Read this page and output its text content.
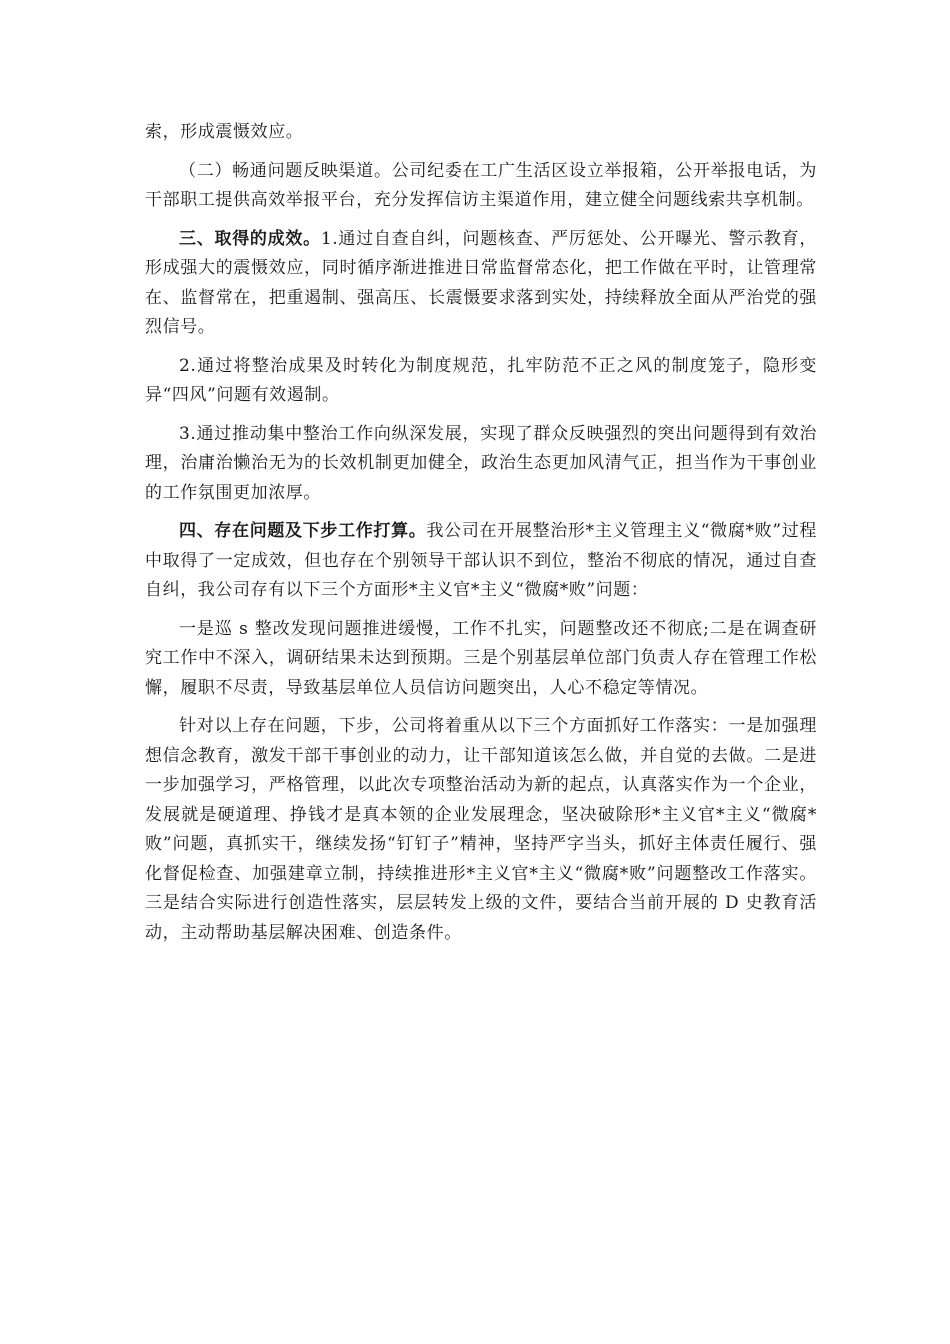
索，形成震慑效应。

（二）畅通问题反映渠道。公司纪委在工广生活区设立举报箱，公开举报电话，为干部职工提供高效举报平台，充分发挥信访主渠道作用，建立健全问题线索共享机制。

三、取得的成效。1.通过自查自纠，问题核查、严厉惩处、公开曝光、警示教育，形成强大的震慑效应，同时循序渐进推进日常监督常态化，把工作做在平时，让管理常在、监督常在，把重遏制、强高压、长震慑要求落到实处，持续释放全面从严治党的强烈信号。

2.通过将整治成果及时转化为制度规范，扎牢防范不正之风的制度笼子，隐形变异“四风”问题有效遏制。

3.通过推动集中整治工作向纵深发展，实现了群众反映强烈的突出问题得到有效治理，治庸治懒治无为的长效机制更加健全，政治生态更加风清气正，担当作为干事创业的工作氛围更加浓厚。

四、存在问题及下步工作打算。我公司在开展整治形*主义管理主义“微腐*败”过程中取得了一定成效，但也存在个别领导干部认识不到位，整治不彻底的情况，通过自查自纠，我公司存有以下三个方面形*主义官*主义“微腐*败”问题：

一是巡 s 整改发现问题推进缓慢，工作不扎实，问题整改还不彻底;二是在调查研究工作中不深入，调研结果未达到预期。三是个别基层单位部门负责人存在管理工作松懈，履职不尽责，导致基层单位人员信访问题突出，人心不稳定等情况。

针对以上存在问题，下步，公司将着重从以下三个方面抓好工作落实：一是加强理想信念教育，激发干部干事创业的动力，让干部知道该怎么做，并自觉的去做。二是进一步加强学习，严格管理，以此次专项整治活动为新的起点，认真落实作为一个企业，发展就是硬道理、挣钱才是真本领的企业发展理念，坚决破除形*主义官*主义“微腐*败”问题，真抓实干，继续发扬“钉钉子”精神，坚持严字当头，抓好主体责任履行、强化督促检查、加强建章立制，持续推进形*主义官*主义“微腐*败”问题整改工作落实。三是结合实际进行创造性落实，层层转发上级的文件，要结合当前开展的 D 史教育活动，主动帮助基层解决困难、创造条件。
